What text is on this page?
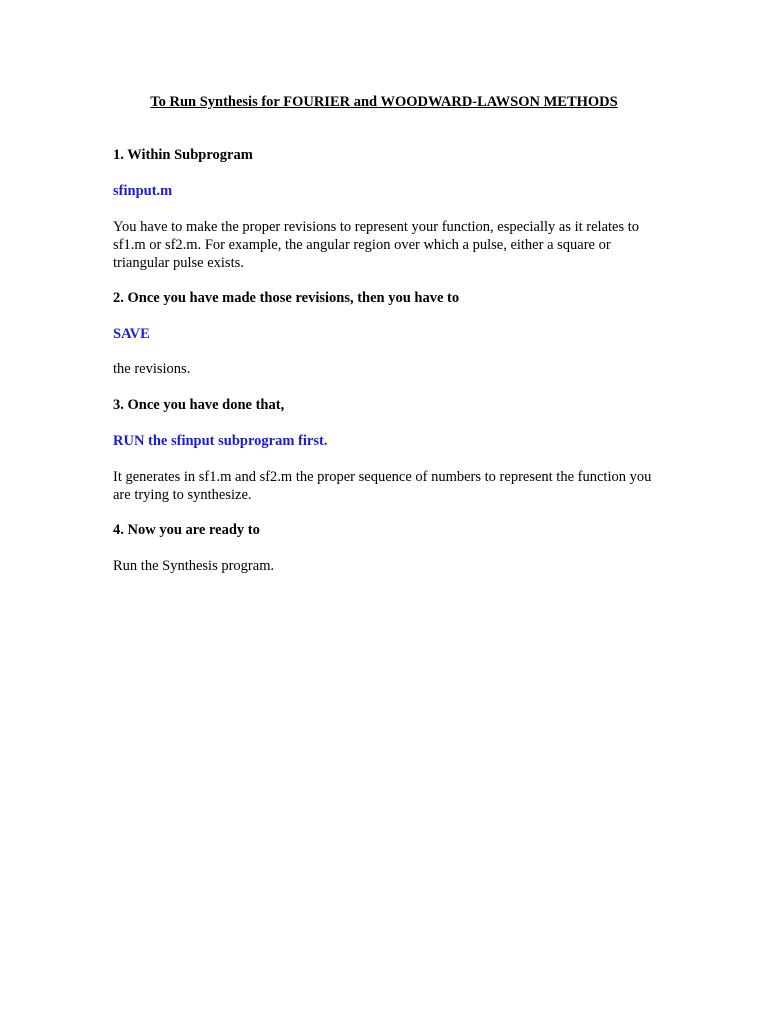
To Run Synthesis for FOURIER and WOODWARD-LAWSON METHODS

1. Within Subprogram

sfinput.m

You have to make the proper revisions to represent your function, especially as it relates to sf1.m or sf2.m. For example, the angular region over which a pulse, either a square or triangular pulse exists.

2. Once you have made those revisions, then you have to

SAVE

the revisions.

3. Once you have done that,

RUN the sfinput subprogram first.

It generates in sf1.m and sf2.m the proper sequence of numbers to represent the function you are trying to synthesize.

4. Now you are ready to

Run the Synthesis program.
